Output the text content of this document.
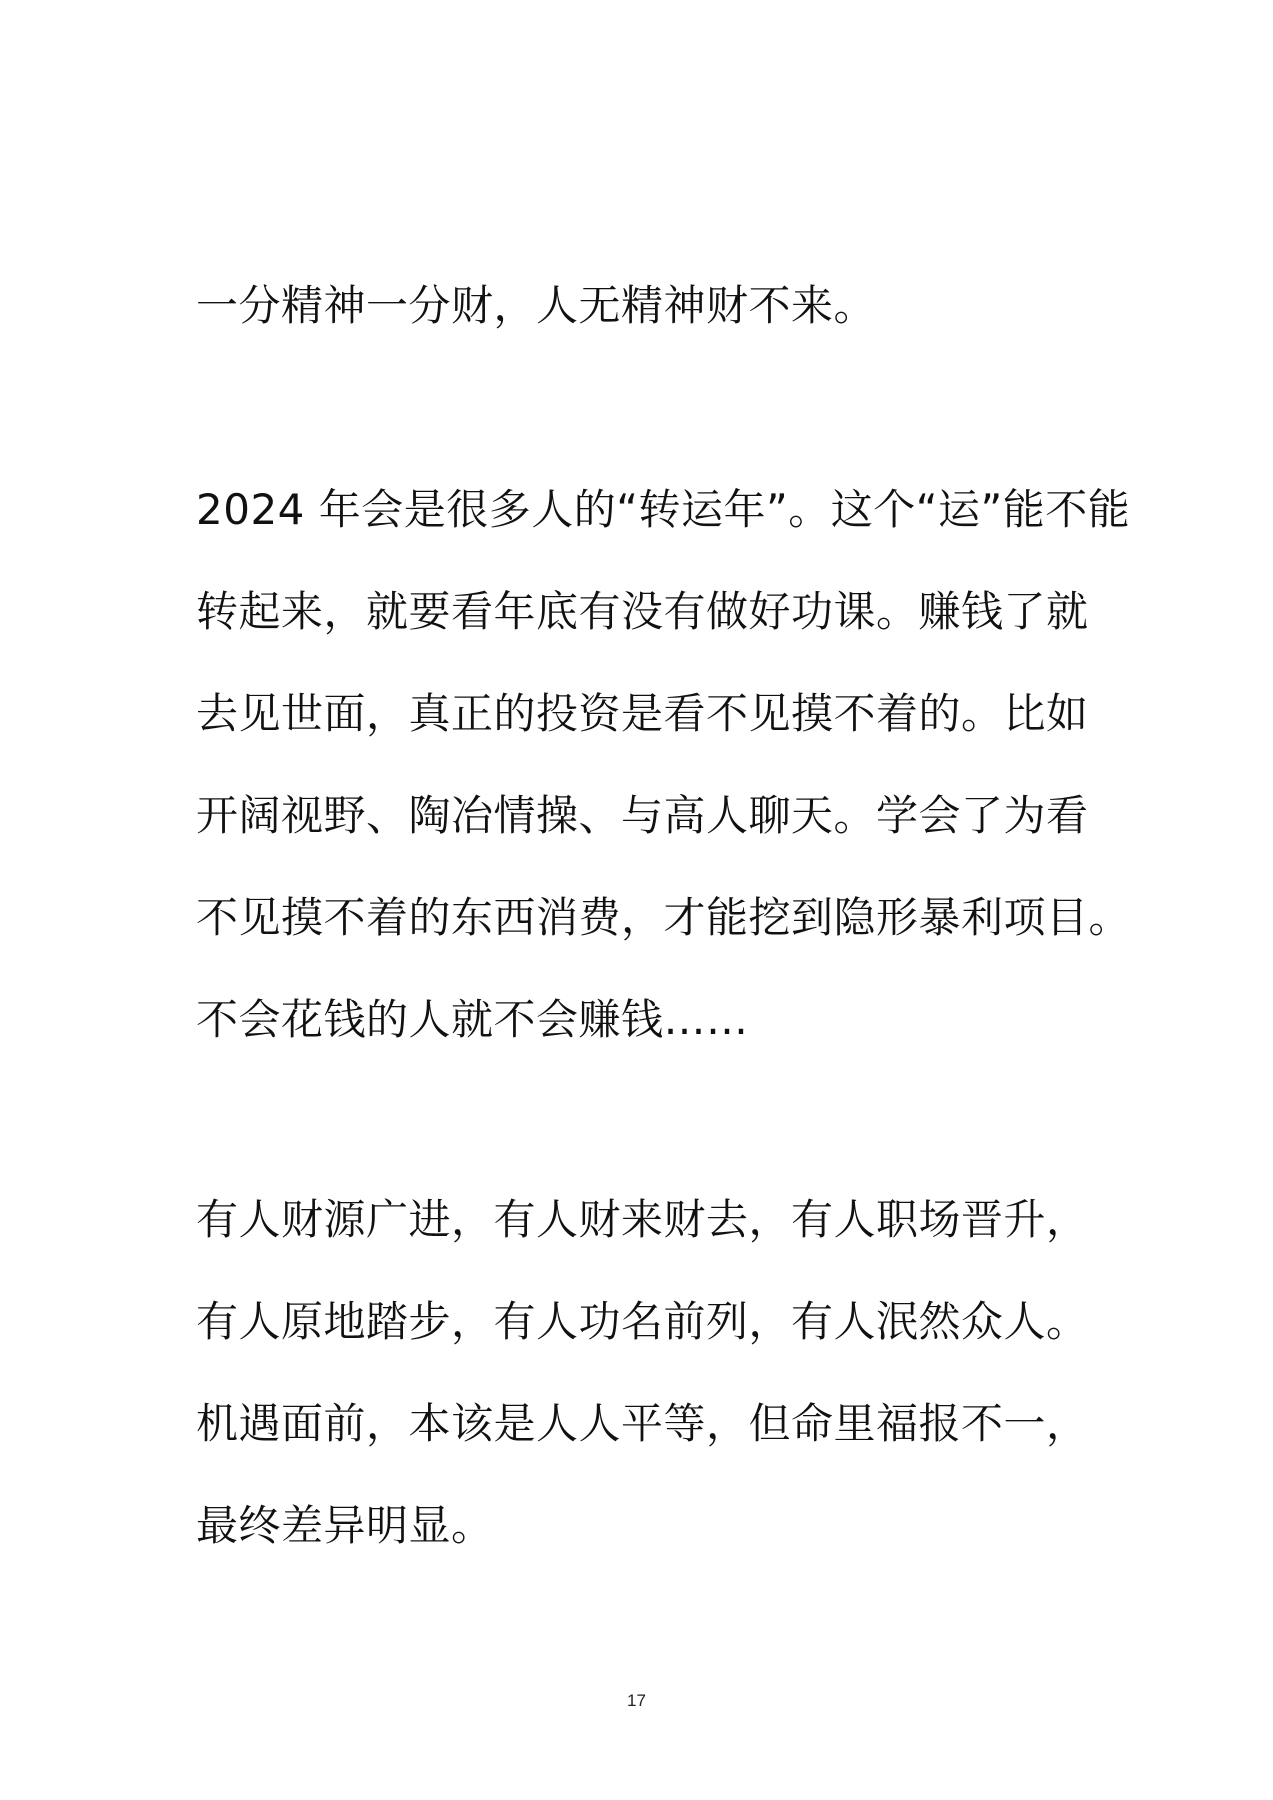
一分精神一分财，人无精神财不来。
2024 年会是很多人的“转运年”。这个“运”能不能
转起来，就要看年底有没有做好功课。赚钱了就
去见世面，真正的投资是看不见摸不着的。比如
开阔视野、陶冶情操、与高人聊天。学会了为看
不见摸不着的东西消费，才能挖到隐形暴利项目。
不会花钱的人就不会赚钱……
有人财源广进，有人财来财去，有人职场晋升，
有人原地踏步，有人功名前列，有人泯然众人。
机遇面前，本该是人人平等，但命里福报不一，
最终差异明显。
17
